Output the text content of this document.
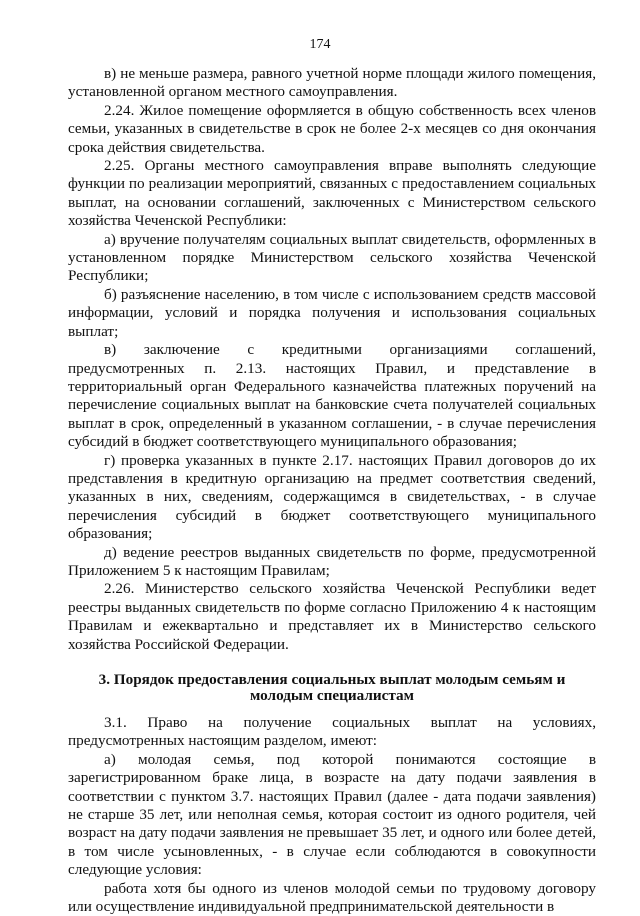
174

в) не меньше размера, равного учетной норме площади жилого помещения, установленной органом местного самоуправления.

2.24. Жилое помещение оформляется в общую собственность всех членов семьи, указанных в свидетельстве в срок не более 2-х месяцев со дня окончания срока действия свидетельства.

2.25. Органы местного самоуправления вправе выполнять следующие функции по реализации мероприятий, связанных с предоставлением социальных выплат, на основании соглашений, заключенных с Министерством сельского хозяйства Чеченской Республики:

а) вручение получателям социальных выплат свидетельств, оформленных в установленном порядке Министерством сельского хозяйства Чеченской Республики;

б) разъяснение населению, в том числе с использованием средств массовой информации, условий и порядка получения и использования социальных выплат;

в) заключение с кредитными организациями соглашений, предусмотренных п. 2.13. настоящих Правил, и представление в территориальный орган Федерального казначейства платежных поручений на перечисление социальных выплат на банковские счета получателей социальных выплат в срок, определенный в указанном соглашении, - в случае перечисления субсидий в бюджет соответствующего муниципального образования;

г) проверка указанных в пункте 2.17. настоящих Правил договоров до их представления в кредитную организацию на предмет соответствия сведений, указанных в них, сведениям, содержащимся в свидетельствах, - в случае перечисления субсидий в бюджет соответствующего муниципального образования;

д) ведение реестров выданных свидетельств по форме, предусмотренной Приложением 5 к настоящим Правилам;

2.26. Министерство сельского хозяйства Чеченской Республики ведет реестры выданных свидетельств по форме согласно Приложению 4 к настоящим Правилам и ежеквартально и представляет их в Министерство сельского хозяйства Российской Федерации.

3. Порядок предоставления социальных выплат молодым семьям и
молодым специалистам

3.1. Право на получение социальных выплат на условиях, предусмотренных настоящим разделом, имеют:

а) молодая семья, под которой понимаются состоящие в зарегистрированном браке лица, в возрасте на дату подачи заявления в соответствии с пунктом 3.7. настоящих Правил (далее - дата подачи заявления) не старше 35 лет, или неполная семья, которая состоит из одного родителя, чей возраст на дату подачи заявления не превышает 35 лет, и одного или более детей, в том числе усыновленных, - в случае если соблюдаются в совокупности следующие условия:

работа хотя бы одного из членов молодой семьи по трудовому договору или осуществление индивидуальной предпринимательской деятельности в
